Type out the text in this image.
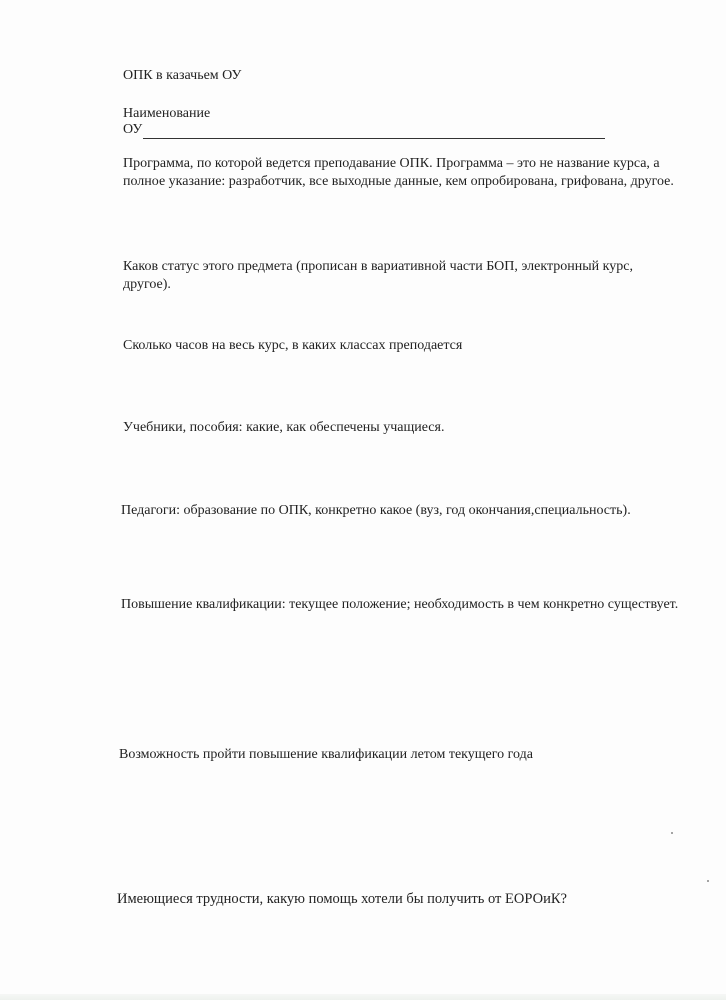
ОПК в казачьем ОУ

Наименование

ОУ

Программа, по которой ведется преподавание ОПК. Программа – это не название курса, а полное указание: разработчик, все выходные данные, кем опробирована, грифована, другое.

Каков статус этого предмета (прописан в вариативной части БОП, электронный курс, другое).

Сколько часов на весь курс, в каких классах преподается

Учебники, пособия: какие, как обеспечены учащиеся.

Педагоги: образование по ОПК, конкретно какое (вуз, год окончания,специальность).

Повышение квалификации: текущее положение; необходимость в чем конкретно существует.

Возможность пройти повышение квалификации летом текущего года

Имеющиеся трудности, какую помощь хотели бы получить от ЕОРОиК?
